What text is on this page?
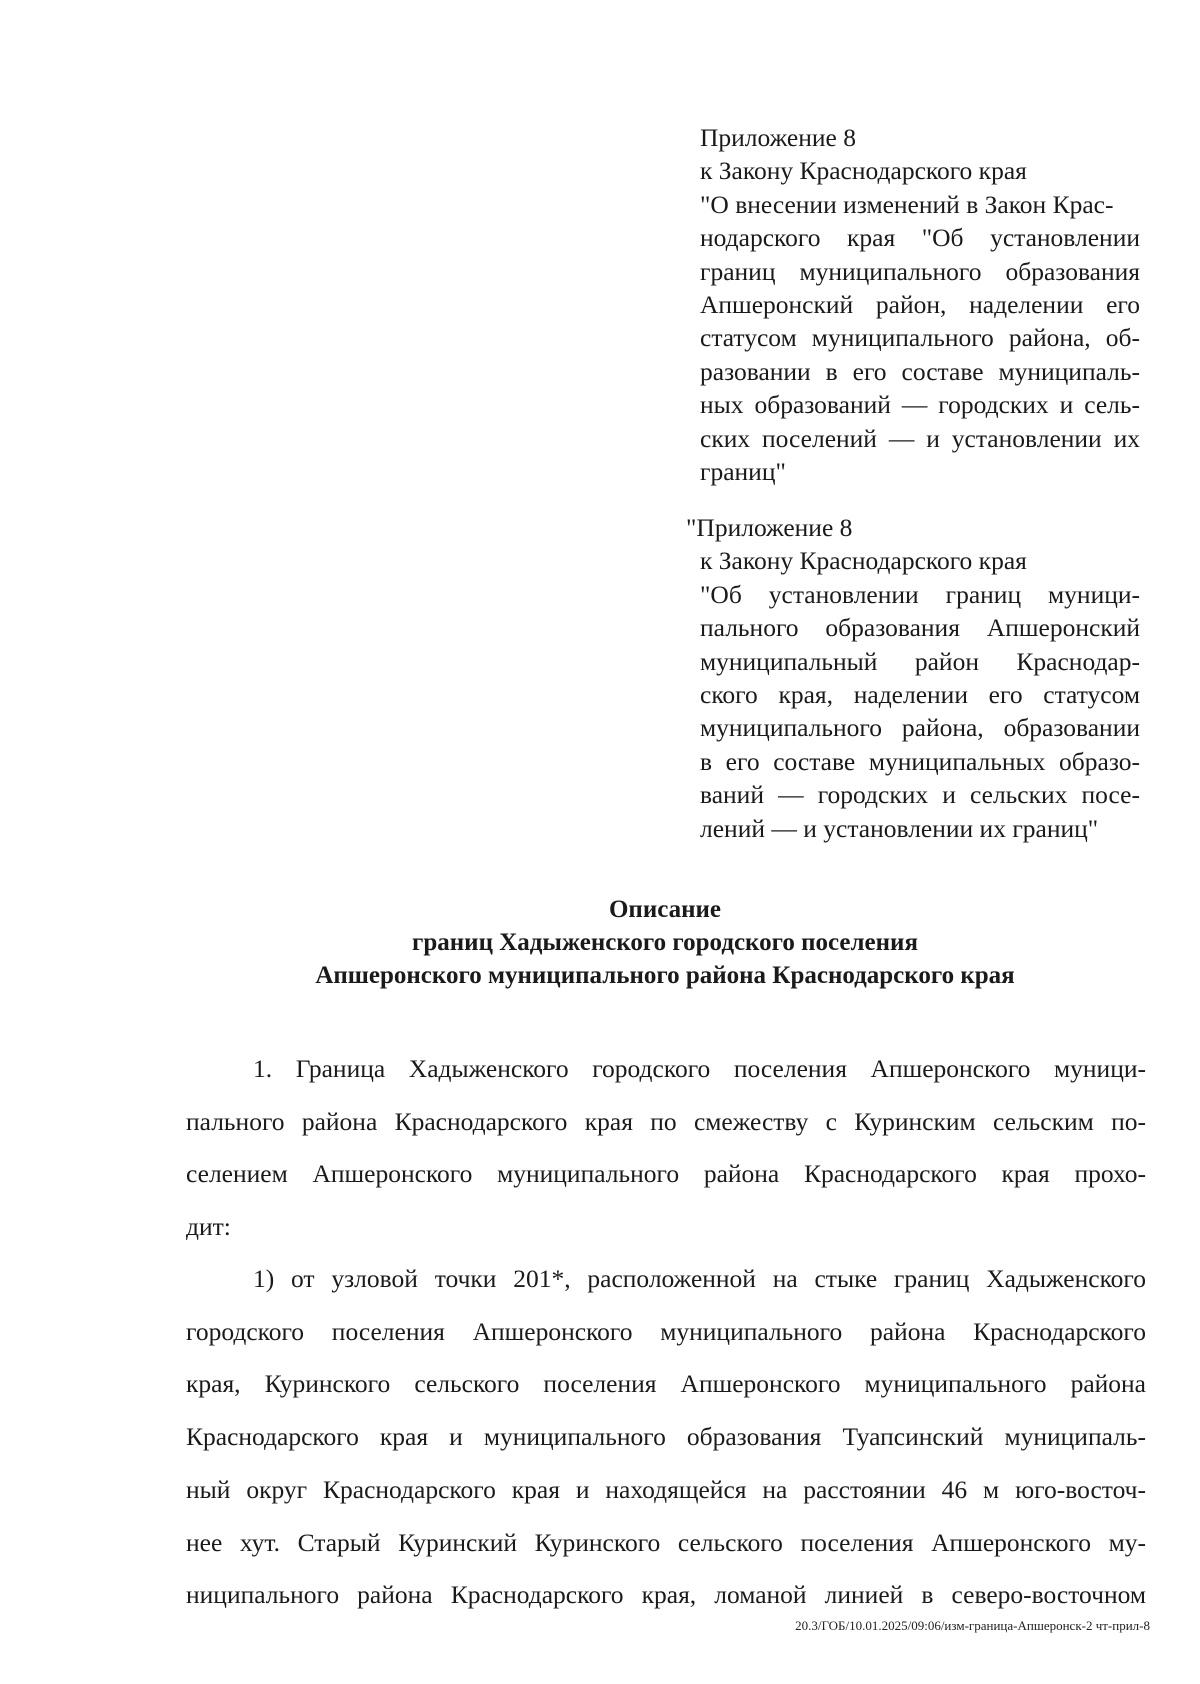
Приложение 8
к Закону Краснодарского края
"О внесении изменений в Закон Крас-
нодарского края "Об установлении
границ муниципального образования
Апшеронский район, наделении его
статусом муниципального района, об-
разовании в его составе муниципаль-
ных образований — городских и сель-
ских поселений — и установлении их
границ"
"Приложение 8
к Закону Краснодарского края
"Об установлении границ муници-
пального образования Апшеронский
муниципальный район Краснодар-
ского края, наделении его статусом
муниципального района, образовании
в его составе муниципальных образо-
ваний — городских и сельских посе-
лений — и установлении их границ"
Описание
границ Хадыженского городского поселения
Апшеронского муниципального района Краснодарского края
1. Граница Хадыженского городского поселения Апшеронского муници-
пального района Краснодарского края по смежеству с Куринским сельским по-
селением Апшеронского муниципального района Краснодарского края прохо-
дит:
1) от узловой точки 201*, расположенной на стыке границ Хадыженского
городского поселения Апшеронского муниципального района Краснодарского
края, Куринского сельского поселения Апшеронского муниципального района
Краснодарского края и муниципального образования Туапсинский муниципаль-
ный округ Краснодарского края и находящейся на расстоянии 46 м юго-восточ-
нее хут. Старый Куринский Куринского сельского поселения Апшеронского му-
ниципального района Краснодарского края, ломаной линией в северо-восточном
20.3/ГОБ/10.01.2025/09:06/изм-граница-Апшеронск-2 чт-прил-8
